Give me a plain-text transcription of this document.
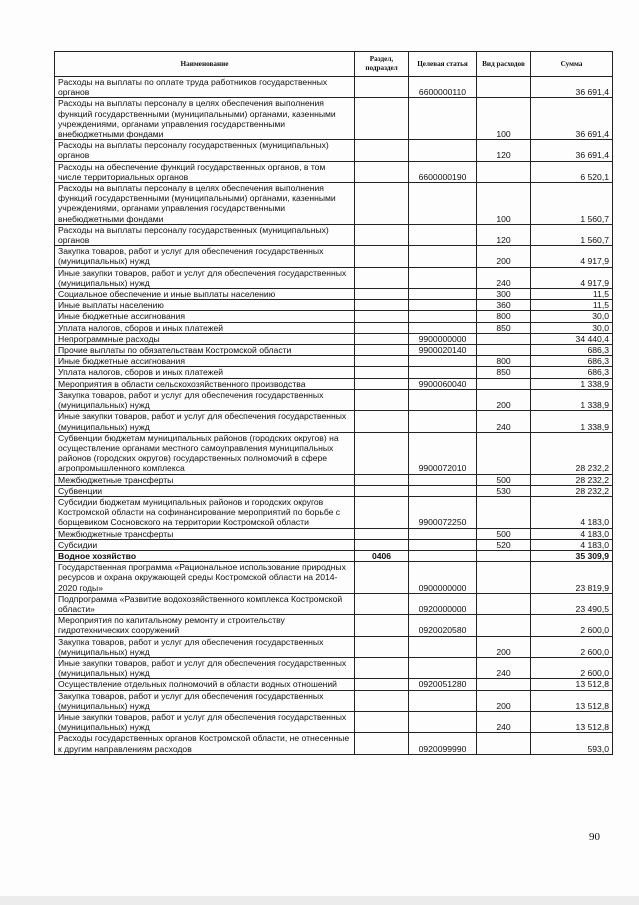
Наименование	Раздел, подраздел	Целевая статья	Вид расходов	Сумма
Расходы на выплаты по оплате труда работников государственных органов		6600000110		36 691,4
Расходы на выплаты персоналу в целях обеспечения выполнения функций государственными (муниципальными) органами, казенными учреждениями, органами управления государственными внебюджетными фондами			100	36 691,4
Расходы на выплаты персоналу государственных (муниципальных) органов			120	36 691,4
Расходы на обеспечение функций государственных органов, в том числе территориальных органов		6600000190		6 520,1
Расходы на выплаты персоналу в целях обеспечения выполнения функций государственными (муниципальными) органами, казенными учреждениями, органами управления государственными внебюджетными фондами			100	1 560,7
Расходы на выплаты персоналу государственных (муниципальных) органов			120	1 560,7
Закупка товаров, работ и услуг для обеспечения государственных (муниципальных) нужд			200	4 917,9
Иные закупки товаров, работ и услуг для обеспечения государственных (муниципальных) нужд			240	4 917,9
Социальное обеспечение и иные выплаты населению			300	11,5
Иные выплаты населению			360	11,5
Иные бюджетные ассигнования			800	30,0
Уплата налогов, сборов и иных платежей			850	30,0
Непрограммные расходы		9900000000		34 440,4
Прочие выплаты по обязательствам Костромской области		9900020140		686,3
Иные бюджетные ассигнования			800	686,3
Уплата налогов, сборов и иных платежей			850	686,3
Мероприятия в области сельскохозяйственного производства		9900060040		1 338,9
Закупка товаров, работ и услуг для обеспечения государственных (муниципальных) нужд			200	1 338,9
Иные закупки товаров, работ и услуг для обеспечения государственных (муниципальных) нужд			240	1 338,9
Субвенции бюджетам муниципальных районов (городских округов) на осуществление органами местного самоуправления муниципальных районов (городских округов) государственных полномочий в сфере агропромышленного комплекса		9900072010		28 232,2
Межбюджетные трансферты			500	28 232,2
Субвенции			530	28 232,2
Субсидии бюджетам муниципальных районов и городских округов Костромской области на софинансирование мероприятий по борьбе с борщевиком Сосновского на территории Костромской области		9900072250		4 183,0
Межбюджетные трансферты			500	4 183,0
Субсидии			520	4 183,0
Водное хозяйство	0406			35 309,9
Государственная программа «Рациональное использование природных ресурсов и охрана окружающей среды Костромской области на 2014-2020 годы»		0900000000		23 819,9
Подпрограмма «Развитие водохозяйственного комплекса Костромской области»		0920000000		23 490,5
Мероприятия по капитальному ремонту и строительству гидротехнических сооружений		0920020580		2 600,0
Закупка товаров, работ и услуг для обеспечения государственных (муниципальных) нужд			200	2 600,0
Иные закупки товаров, работ и услуг для обеспечения государственных (муниципальных) нужд			240	2 600,0
Осуществление отдельных полномочий в области водных отношений		0920051280		13 512,8
Закупка товаров, работ и услуг для обеспечения государственных (муниципальных) нужд			200	13 512,8
Иные закупки товаров, работ и услуг для обеспечения государственных (муниципальных) нужд			240	13 512,8
Расходы государственных органов Костромской области, не отнесенные к другим направлениям расходов		0920099990		593,0
90
